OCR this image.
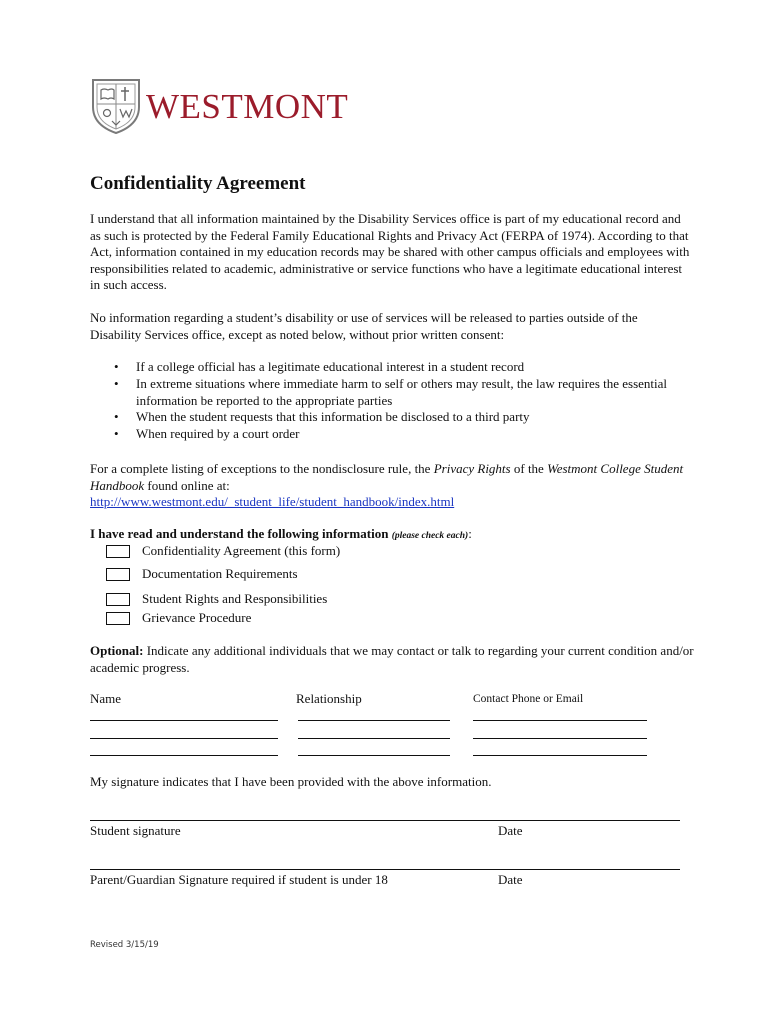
WESTMONT
Confidentiality Agreement
I understand that all information maintained by the Disability Services office is part of my educational record and as such is protected by the Federal Family Educational Rights and Privacy Act (FERPA of 1974). According to that Act, information contained in my education records may be shared with other campus officials and employees with responsibilities related to academic, administrative or service functions who have a legitimate educational interest in such access.
No information regarding a student’s disability or use of services will be released to parties outside of the Disability Services office, except as noted below, without prior written consent:
• If a college official has a legitimate educational interest in a student record
• In extreme situations where immediate harm to self or others may result, the law requires the essential information be reported to the appropriate parties
• When the student requests that this information be disclosed to a third party
• When required by a court order
For a complete listing of exceptions to the nondisclosure rule, the Privacy Rights of the Westmont College Student Handbook found online at:
http://www.westmont.edu/_student_life/student_handbook/index.html
I have read and understand the following information (please check each):
Confidentiality Agreement (this form)
Documentation Requirements
Student Rights and Responsibilities
Grievance Procedure
Optional: Indicate any additional individuals that we may contact or talk to regarding your current condition and/or academic progress.
Name	Relationship	Contact Phone or Email
My signature indicates that I have been provided with the above information.
Student signature	Date
Parent/Guardian Signature required if student is under 18	Date
Revised 3/15/19
